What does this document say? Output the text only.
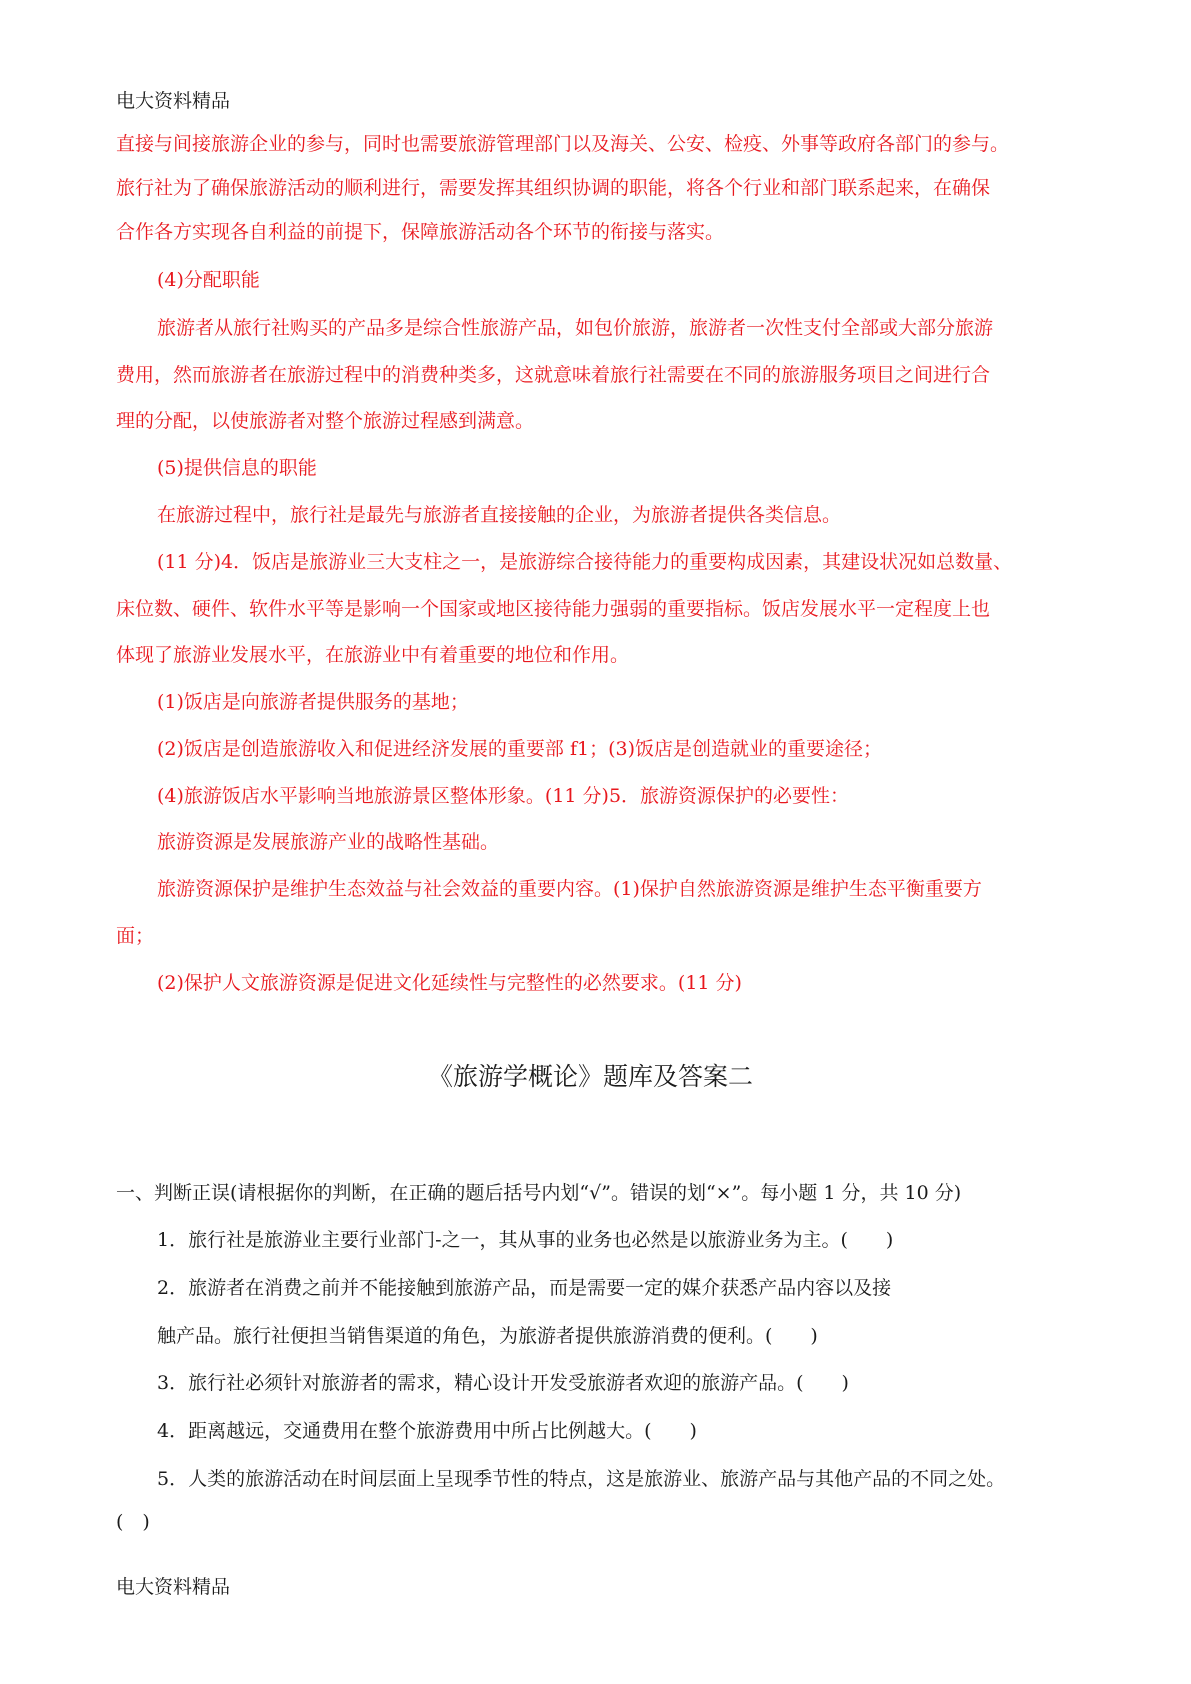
电大资料精品
直接与间接旅游企业的参与，同时也需要旅游管理部门以及海关、公安、检疫、外事等政府各部门的参与。
旅行社为了确保旅游活动的顺利进行，需要发挥其组织协调的职能，将各个行业和部门联系起来，在确保
合作各方实现各自利益的前提下，保障旅游活动各个环节的衔接与落实。
(4)分配职能
旅游者从旅行社购买的产品多是综合性旅游产品，如包价旅游，旅游者一次性支付全部或大部分旅游
费用，然而旅游者在旅游过程中的消费种类多，这就意味着旅行社需要在不同的旅游服务项目之间进行合
理的分配，以使旅游者对整个旅游过程感到满意。
(5)提供信息的职能
在旅游过程中，旅行社是最先与旅游者直接接触的企业，为旅游者提供各类信息。
(11 分)4．饭店是旅游业三大支柱之一，是旅游综合接待能力的重要构成因素，其建设状况如总数量、
床位数、硬件、软件水平等是影响一个国家或地区接待能力强弱的重要指标。饭店发展水平一定程度上也
体现了旅游业发展水平，在旅游业中有着重要的地位和作用。
(1)饭店是向旅游者提供服务的基地；
(2)饭店是创造旅游收入和促进经济发展的重要部 f1；(3)饭店是创造就业的重要途径；
(4)旅游饭店水平影响当地旅游景区整体形象。(11 分)5．旅游资源保护的必要性：
旅游资源是发展旅游产业的战略性基础。
旅游资源保护是维护生态效益与社会效益的重要内容。(1)保护自然旅游资源是维护生态平衡重要方
面；
(2)保护人文旅游资源是促进文化延续性与完整性的必然要求。(11 分)
《旅游学概论》题库及答案二
一、判断正误(请根据你的判断，在正确的题后括号内划“√”。错误的划“×”。每小题 1 分，共 10 分)
1．旅行社是旅游业主要行业部门-之一，其从事的业务也必然是以旅游业务为主。(　　)
2．旅游者在消费之前并不能接触到旅游产品，而是需要一定的媒介获悉产品内容以及接
触产品。旅行社便担当销售渠道的角色，为旅游者提供旅游消费的便利。(　　)
3．旅行社必须针对旅游者的需求，精心设计开发受旅游者欢迎的旅游产品。(　　)
4．距离越远，交通费用在整个旅游费用中所占比例越大。(　　)
5．人类的旅游活动在时间层面上呈现季节性的特点，这是旅游业、旅游产品与其他产品的不同之处。
(　)
电大资料精品
